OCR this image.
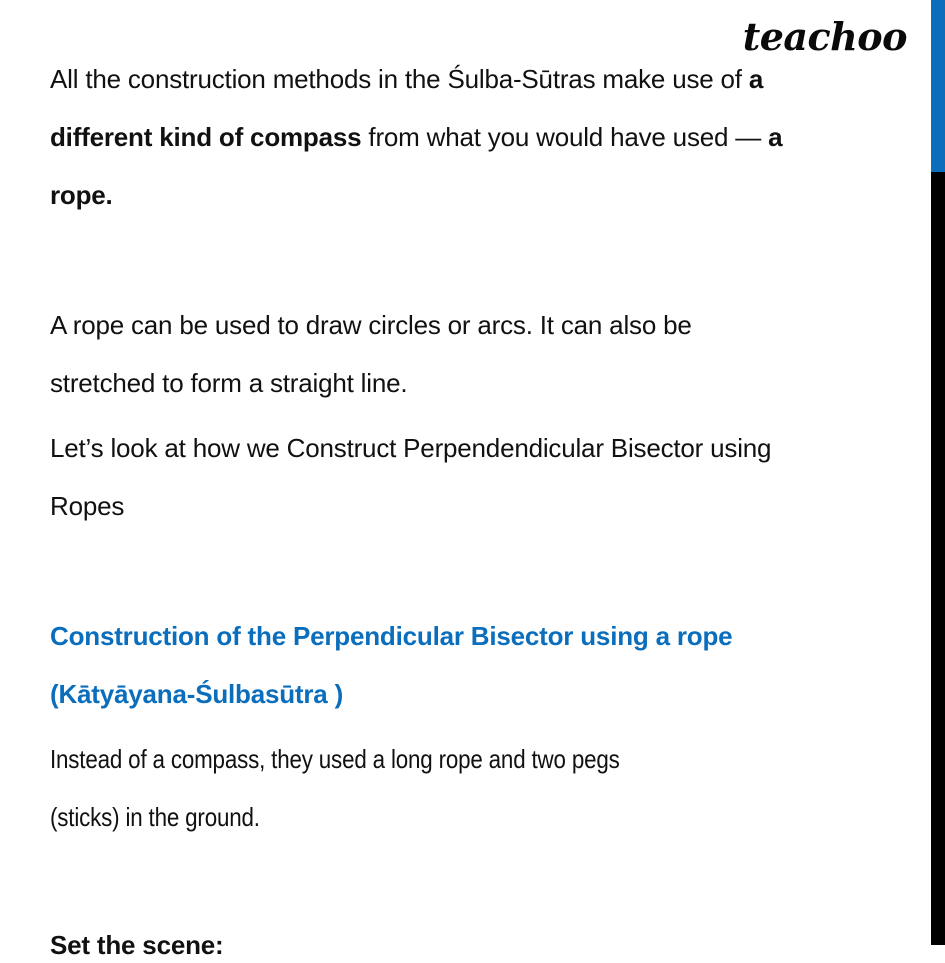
teachoo
All the construction methods in the Śulba-Sūtras make use of a
different kind of compass from what you would have used — a
rope.
A rope can be used to draw circles or arcs. It can also be
stretched to form a straight line.
Let’s look at how we Construct Perpendendicular Bisector using
Ropes
Construction of the Perpendicular Bisector using a rope
(Kātyāyana-Śulbasūtra )
Instead of a compass, they used a long rope and two pegs
(sticks) in the ground.
Set the scene:
